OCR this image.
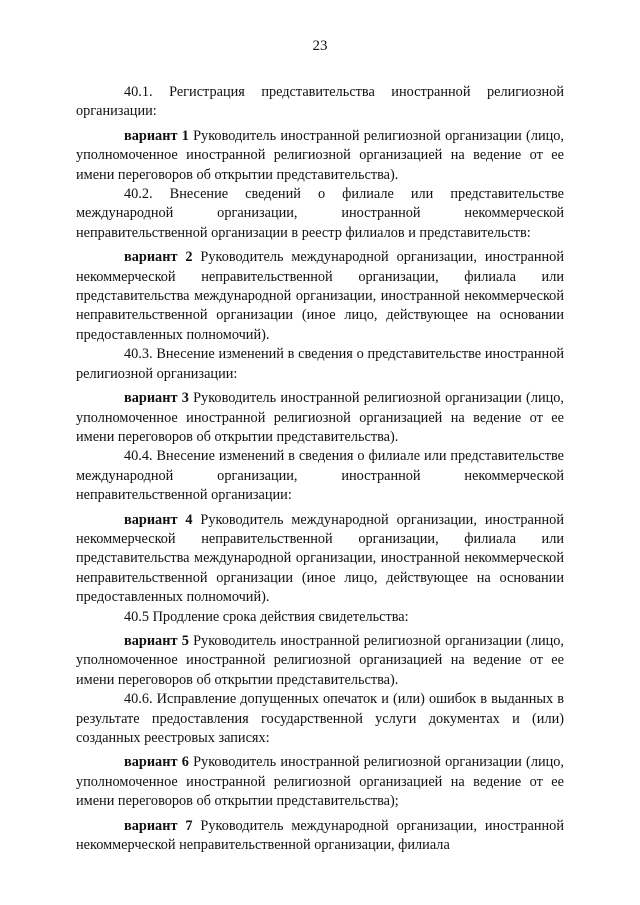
23

40.1. Регистрация представительства иностранной религиозной организации:

вариант 1 Руководитель иностранной религиозной организации (лицо, уполномоченное иностранной религиозной организацией на ведение от ее имени переговоров об открытии представительства).

40.2. Внесение сведений о филиале или представительстве международной организации, иностранной некоммерческой неправительственной организации в реестр филиалов и представительств:

вариант 2 Руководитель международной организации, иностранной некоммерческой неправительственной организации, филиала или представительства международной организации, иностранной некоммерческой неправительственной организации (иное лицо, действующее на основании предоставленных полномочий).

40.3. Внесение изменений в сведения о представительстве иностранной религиозной организации:

вариант 3 Руководитель иностранной религиозной организации (лицо, уполномоченное иностранной религиозной организацией на ведение от ее имени переговоров об открытии представительства).

40.4. Внесение изменений в сведения о филиале или представительстве международной организации, иностранной некоммерческой неправительственной организации:

вариант 4 Руководитель международной организации, иностранной некоммерческой неправительственной организации, филиала или представительства международной организации, иностранной некоммерческой неправительственной организации (иное лицо, действующее на основании предоставленных полномочий).

40.5 Продление срока действия свидетельства:

вариант 5 Руководитель иностранной религиозной организации (лицо, уполномоченное иностранной религиозной организацией на ведение от ее имени переговоров об открытии представительства).

40.6. Исправление допущенных опечаток и (или) ошибок в выданных в результате предоставления государственной услуги документах и (или) созданных реестровых записях:

вариант 6 Руководитель иностранной религиозной организации (лицо, уполномоченное иностранной религиозной организацией на ведение от ее имени переговоров об открытии представительства);

вариант 7 Руководитель международной организации, иностранной некоммерческой неправительственной организации, филиала
